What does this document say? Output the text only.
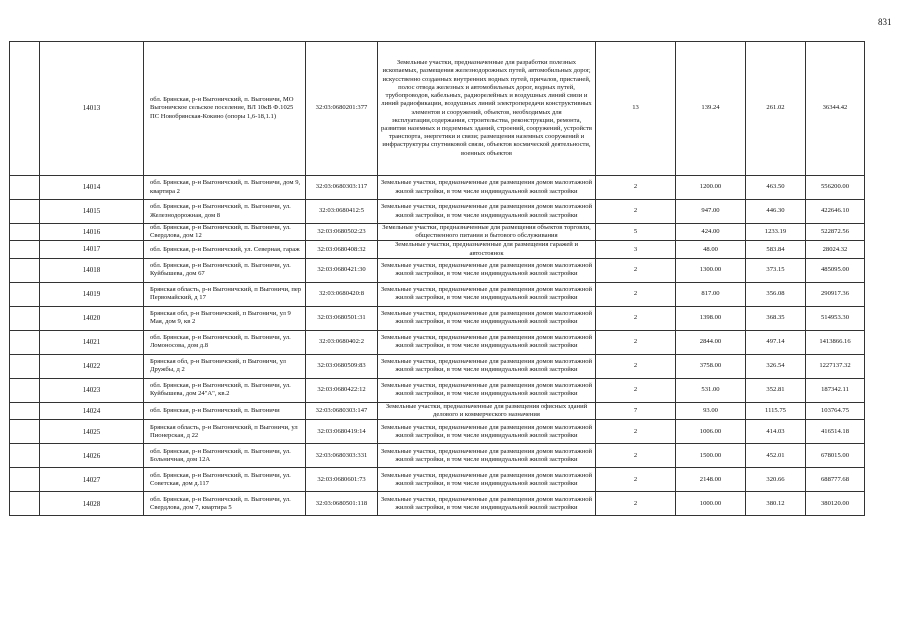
831
	14013	обл. Брянская, р-н Выгоничский, п. Выгоничи, МО Выгоничское сельское поселение, ВЛ 10кВ Ф.1025 ПС Новобрянская-Кокино (опоры 1,6-18,1.1)	32:03:0680201:377	Земельные участки, предназначенные для разработки полезных ископаемых, размещения железнодорожных путей, автомобильных дорог, искусственно созданных внутренних водных путей, причалов, пристаней, полос отвода железных и автомобильных дорог, водных путей, трубопроводов, кабельных, радиорелейных и воздушных линий связи и линий радиофикации, воздушных линий электропередачи конструктивных элементов и сооружений, объектов, необходимых для эксплуатации,содержания, строительства, реконструкции, ремонта, развития наземных и подземных зданий, строений, сооружений, устройств транспорта, энергетики и связи; размещения наземных сооружений и инфраструктуры спутниковой связи, объектов космической деятельности, военных объектов	13	139.24	261.02	36344.42
	14014	обл. Брянская, р-н Выгоничский, п. Выгоничи, дом 9, квартира 2	32:03:0680303:117	Земельные участки, предназначенные для размещения домов малоэтажной жилой застройки, в том числе индивидуальной жилой застройки	2	1200.00	463.50	556200.00
	14015	обл. Брянская, р-н Выгоничский, п. Выгоничи, ул. Железнодорожная, дом 8	32:03:0680412:5	Земельные участки, предназначенные для размещения домов малоэтажной жилой застройки, в том числе индивидуальной жилой застройки	2	947.00	446.30	422646.10
	14016	обл. Брянская, р-н Выгоничский, п. Выгоничи, ул. Свердлова, дом 12	32:03:0680502:23	Земельные участки, предназначенные для размещения объектов торговли, общественного питания и бытового обслуживания	5	424.00	1233.19	522872.56
	14017	обл. Брянская, р-н Выгоничский, ул. Северная, гараж	32:03:0680408:32	Земельные участки, предназначенные для размещения гаражей и автостоянок	3	48.00	583.84	28024.32
	14018	обл. Брянская, р-н Выгоничский, п. Выгоничи, ул. Куйбышева, дом 67	32:03:0680421:30	Земельные участки, предназначенные для размещения домов малоэтажной жилой застройки, в том числе индивидуальной жилой застройки	2	1300.00	373.15	485095.00
	14019	Брянская область, р-н Выгоничский, п Выгоничи, пер Первомайский, д 17	32:03:0680420:8	Земельные участки, предназначенные для размещения домов малоэтажной жилой застройки, в том числе индивидуальной жилой застройки	2	817.00	356.08	290917.36
	14020	Брянская обл, р-н Выгоничский, п Выгоничи, ул 9 Мая, дом 9, кв 2	32:03:0680501:31	Земельные участки, предназначенные для размещения домов малоэтажной жилой застройки, в том числе индивидуальной жилой застройки	2	1398.00	368.35	514953.30
	14021	обл. Брянская, р-н Выгоничский, п. Выгоничи, ул. Ломоносова, дом д.8	32:03:0680402:2	Земельные участки, предназначенные для размещения домов малоэтажной жилой застройки, в том числе индивидуальной жилой застройки	2	2844.00	497.14	1413866.16
	14022	Брянская обл, р-н Выгоничский, п Выгоничи, ул Дружбы, д 2	32:03:0680509:83	Земельные участки, предназначенные для размещения домов малоэтажной жилой застройки, в том числе индивидуальной жилой застройки	2	3758.00	326.54	1227137.32
	14023	обл. Брянская, р-н Выгоничский, п. Выгоничи, ул. Куйбышева, дом 24"А", кв.2	32:03:0680422:12	Земельные участки, предназначенные для размещения домов малоэтажной жилой застройки, в том числе индивидуальной жилой застройки	2	531.00	352.81	187342.11
	14024	обл. Брянская, р-н Выгоничский, п. Выгоничи	32:03:0680303:147	Земельные участки, предназначенные для размещения офисных зданий делового и коммерческого назначения	7	93.00	1115.75	103764.75
	14025	Брянская область, р-н Выгоничский, п Выгоничи, ул Пионерская, д 22	32:03:0680419:14	Земельные участки, предназначенные для размещения домов малоэтажной жилой застройки, в том числе индивидуальной жилой застройки	2	1006.00	414.03	416514.18
	14026	обл. Брянская, р-н Выгоничский, п. Выгоничи, ул. Больничная, дом 12А	32:03:0680303:331	Земельные участки, предназначенные для размещения домов малоэтажной жилой застройки, в том числе индивидуальной жилой застройки	2	1500.00	452.01	678015.00
	14027	обл. Брянская, р-н Выгоничский, п. Выгоничи, ул. Советская, дом д.117	32:03:0680601:73	Земельные участки, предназначенные для размещения домов малоэтажной жилой застройки, в том числе индивидуальной жилой застройки	2	2148.00	320.66	688777.68
	14028	обл. Брянская, р-н Выгоничский, п. Выгоничи, ул. Свердлова, дом 7, квартира 5	32:03:0680501:118	Земельные участки, предназначенные для размещения домов малоэтажной жилой застройки, в том числе индивидуальной жилой застройки	2	1000.00	380.12	380120.00
